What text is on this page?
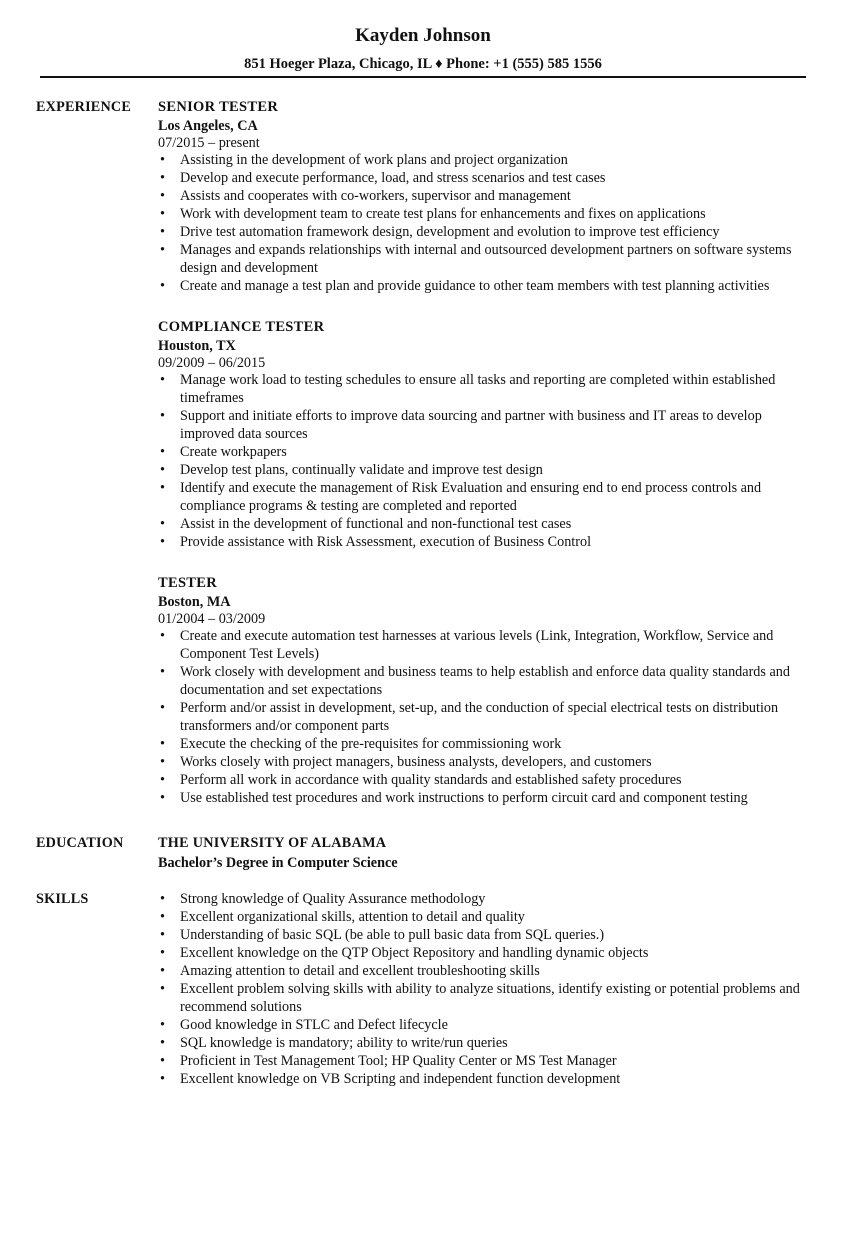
Kayden Johnson
851 Hoeger Plaza, Chicago, IL ♦ Phone: +1 (555) 585 1556
EXPERIENCE SENIOR TESTER
Los Angeles, CA
07/2015 – present
• Assisting in the development of work plans and project organization
• Develop and execute performance, load, and stress scenarios and test cases
• Assists and cooperates with co-workers, supervisor and management
• Work with development team to create test plans for enhancements and fixes on applications
• Drive test automation framework design, development and evolution to improve test efficiency
• Manages and expands relationships with internal and outsourced development partners on software systems design and development
• Create and manage a test plan and provide guidance to other team members with test planning activities
COMPLIANCE TESTER
Houston, TX
09/2009 – 06/2015
• Manage work load to testing schedules to ensure all tasks and reporting are completed within established timeframes
• Support and initiate efforts to improve data sourcing and partner with business and IT areas to develop improved data sources
• Create workpapers
• Develop test plans, continually validate and improve test design
• Identify and execute the management of Risk Evaluation and ensuring end to end process controls and compliance programs & testing are completed and reported
• Assist in the development of functional and non-functional test cases
• Provide assistance with Risk Assessment, execution of Business Control
TESTER
Boston, MA
01/2004 – 03/2009
• Create and execute automation test harnesses at various levels (Link, Integration, Workflow, Service and Component Test Levels)
• Work closely with development and business teams to help establish and enforce data quality standards and documentation and set expectations
• Perform and/or assist in development, set-up, and the conduction of special electrical tests on distribution transformers and/or component parts
• Execute the checking of the pre-requisites for commissioning work
• Works closely with project managers, business analysts, developers, and customers
• Perform all work in accordance with quality standards and established safety procedures
• Use established test procedures and work instructions to perform circuit card and component testing
EDUCATION THE UNIVERSITY OF ALABAMA
Bachelor’s Degree in Computer Science
SKILLS	• Strong knowledge of Quality Assurance methodology
• Excellent organizational skills, attention to detail and quality
• Understanding of basic SQL (be able to pull basic data from SQL queries.)
• Excellent knowledge on the QTP Object Repository and handling dynamic objects
• Amazing attention to detail and excellent troubleshooting skills
• Excellent problem solving skills with ability to analyze situations, identify existing or potential problems and recommend solutions
• Good knowledge in STLC and Defect lifecycle
• SQL knowledge is mandatory; ability to write/run queries
• Proficient in Test Management Tool; HP Quality Center or MS Test Manager
• Excellent knowledge on VB Scripting and independent function development
